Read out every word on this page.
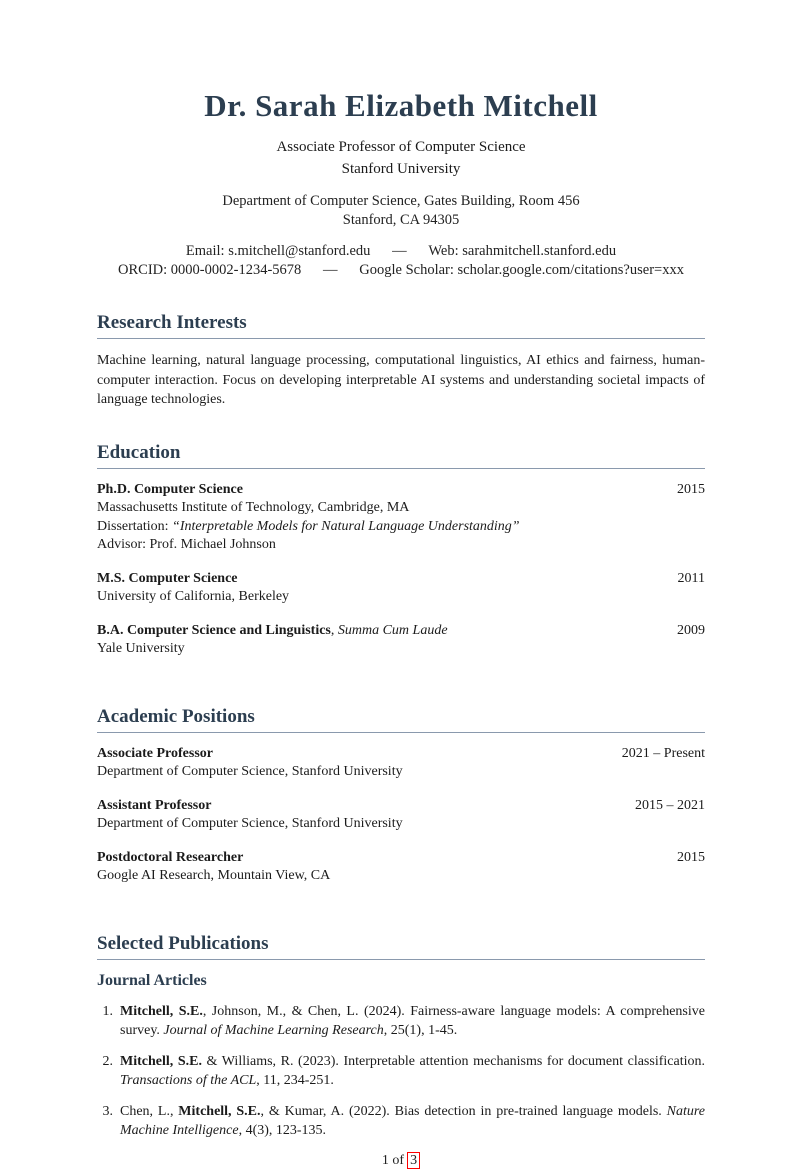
Dr. Sarah Elizabeth Mitchell
Associate Professor of Computer Science
Stanford University
Department of Computer Science, Gates Building, Room 456
Stanford, CA 94305
Email: s.mitchell@stanford.edu  —  Web: sarahmitchell.stanford.edu
ORCID: 0000-0002-1234-5678  —  Google Scholar: scholar.google.com/citations?user=xxx
Research Interests

Machine learning, natural language processing, computational linguistics, AI ethics and fairness, human-computer interaction. Focus on developing interpretable AI systems and understanding societal impacts of language technologies.

Education
Ph.D. Computer Science	2015
Massachusetts Institute of Technology, Cambridge, MA
Dissertation: “Interpretable Models for Natural Language Understanding”
Advisor: Prof. Michael Johnson
M.S. Computer Science	2011
University of California, Berkeley
B.A. Computer Science and Linguistics, Summa Cum Laude	2009
Yale University
Academic Positions
Associate Professor	2021 – Present
Department of Computer Science, Stanford University
Assistant Professor	2015 – 2021
Department of Computer Science, Stanford University
Postdoctoral Researcher	2015
Google AI Research, Mountain View, CA
Selected Publications
Journal Articles
1. Mitchell, S.E., Johnson, M., & Chen, L. (2024). Fairness-aware language models: A comprehensive survey. Journal of Machine Learning Research, 25(1), 1-45.
2. Mitchell, S.E. & Williams, R. (2023). Interpretable attention mechanisms for document classification. Transactions of the ACL, 11, 234-251.
3. Chen, L., Mitchell, S.E., & Kumar, A. (2022). Bias detection in pre-trained language models. Nature Machine Intelligence, 4(3), 123-135.
1 of 3
